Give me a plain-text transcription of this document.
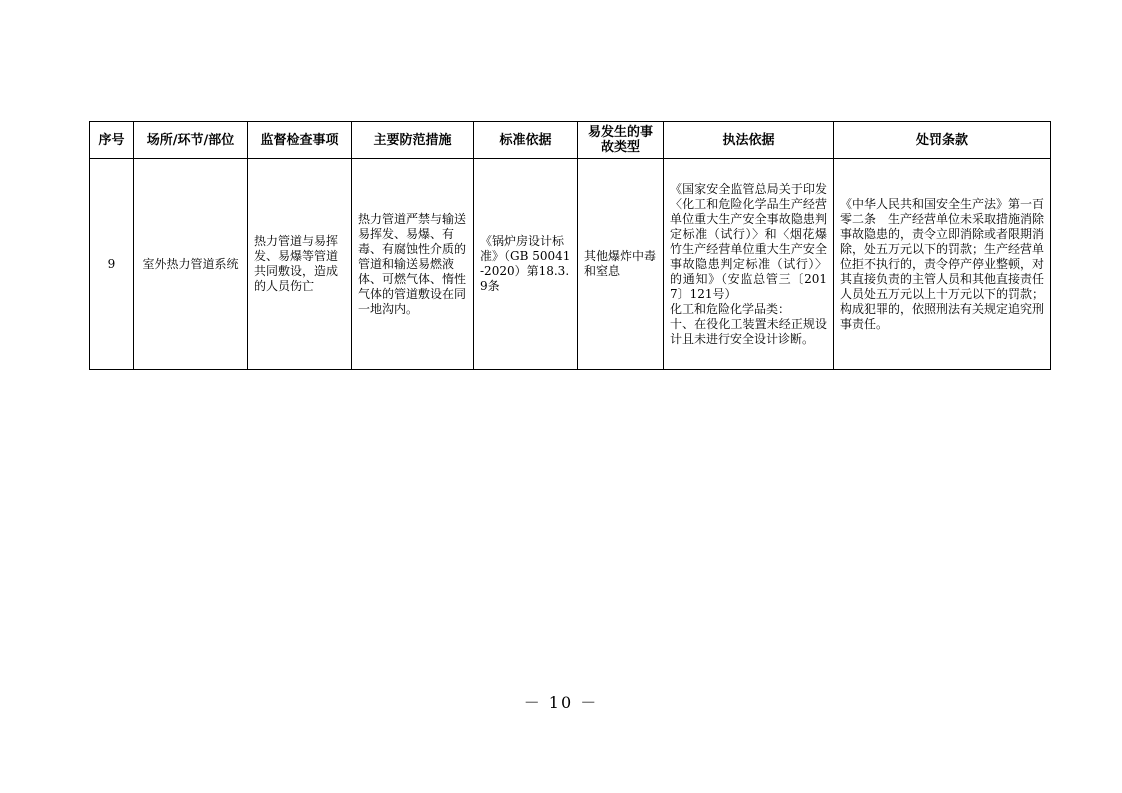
序号	场所/环节/部位	监督检查事项	主要防范措施	标准依据	易发生的事故类型	执法依据	处罚条款
9	室外热力管道系统	热力管道与易挥发、易爆等管道共同敷设，造成的人员伤亡	热力管道严禁与输送易挥发、易爆、有毒、有腐蚀性介质的管道和输送易燃液体、可燃气体、惰性气体的管道敷设在同一地沟内。	《锅炉房设计标准》（GB 50041 -2020）第18.3.9条	其他爆炸中毒和窒息	《国家安全监管总局关于印发〈化工和危险化学品生产经营单位重大生产安全事故隐患判定标准（试行）〉和〈烟花爆竹生产经营单位重大生产安全事故隐患判定标准（试行）〉的通知》（安监总管三〔2017〕121号）
化工和危险化学品类：
十、在役化工装置未经正规设计且未进行安全设计诊断。	《中华人民共和国安全生产法》第一百零二条　生产经营单位未采取措施消除事故隐患的，责令立即消除或者限期消除，处五万元以下的罚款；生产经营单位拒不执行的，责令停产停业整顿，对其直接负责的主管人员和其他直接责任人员处五万元以上十万元以下的罚款；构成犯罪的，依照刑法有关规定追究刑事责任。
－ 10 －
